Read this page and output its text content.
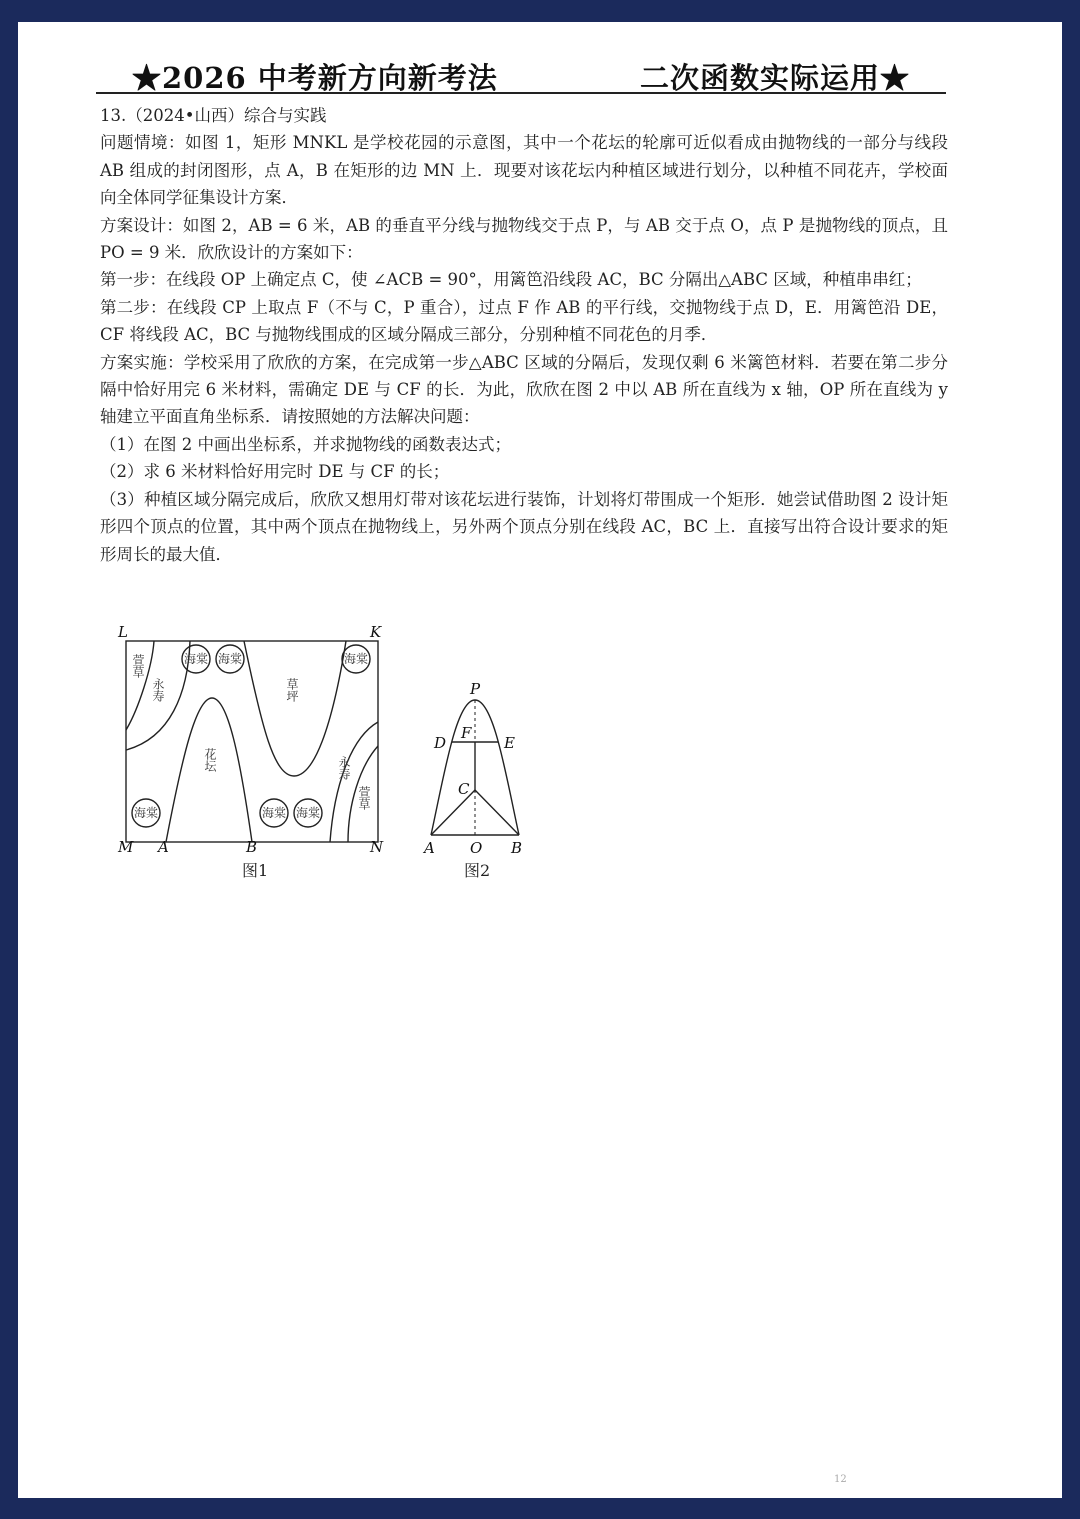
12
★2026 中考新方向新考法	二次函数实际运用★

13.（2024•山西）综合与实践

问题情境：如图 1，矩形 MNKL 是学校花园的示意图，其中一个花坛的轮廓可近似看成由抛物线的一部分与线段 AB 组成的封闭图形，点 A，B 在矩形的边 MN 上．现要对该花坛内种植区域进行划分，以种植不同花卉，学校面向全体同学征集设计方案．

方案设计：如图 2，AB = 6 米，AB 的垂直平分线与抛物线交于点 P，与 AB 交于点 O，点 P 是抛物线的顶点，且 PO = 9 米．欣欣设计的方案如下：

第一步：在线段 OP 上确定点 C，使 ∠ACB = 90°，用篱笆沿线段 AC，BC 分隔出△ABC 区域，种植串串红；

第二步：在线段 CP 上取点 F（不与 C，P 重合），过点 F 作 AB 的平行线，交抛物线于点 D，E．用篱笆沿 DE，CF 将线段 AC，BC 与抛物线围成的区域分隔成三部分，分别种植不同花色的月季．

方案实施：学校采用了欣欣的方案，在完成第一步△ABC 区域的分隔后，发现仅剩 6 米篱笆材料．若要在第二步分隔中恰好用完 6 米材料，需确定 DE 与 CF 的长．为此，欣欣在图 2 中以 AB 所在直线为 x 轴，OP 所在直线为 y 轴建立平面直角坐标系．请按照她的方法解决问题：

（1）在图 2 中画出坐标系，并求抛物线的函数表达式；

（2）求 6 米材料恰好用完时 DE 与 CF 的长；

（3）种植区域分隔完成后，欣欣又想用灯带对该花坛进行装饰，计划将灯带围成一个矩形．她尝试借助图 2 设计矩形四个顶点的位置，其中两个顶点在抛物线上，另外两个顶点分别在线段 AC，BC 上．直接写出符合设计要求的矩形周长的最大值．

海棠 海棠	海棠
海棠	海棠 海棠
萱草
永寿
花坛
草坪
永寿
萱草
L	K
M A	B	N
图1
P
D	E
F
C
A O B
图2
